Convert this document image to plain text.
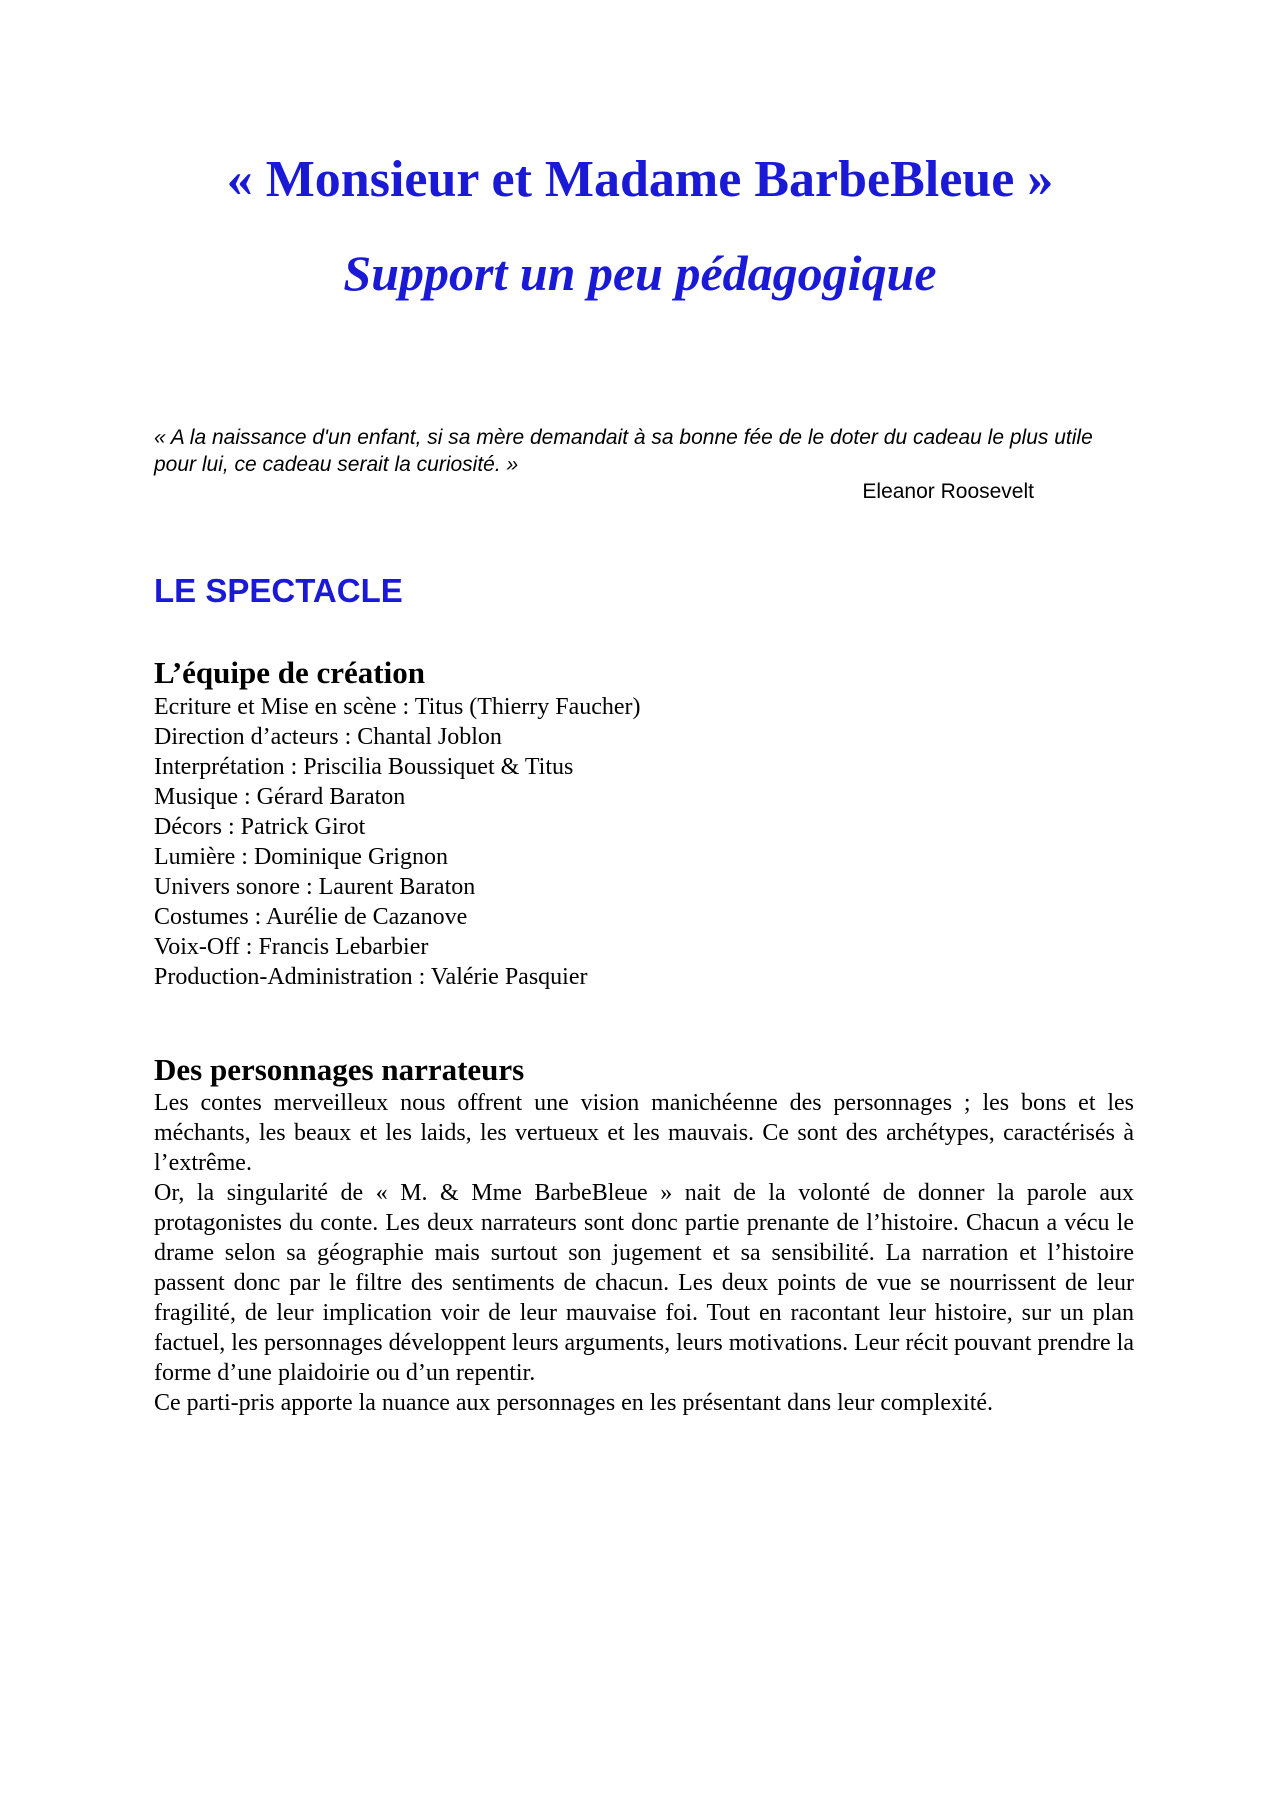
« Monsieur et Madame BarbeBleue »
Support un peu pédagogique

« A la naissance d'un enfant, si sa mère demandait à sa bonne fée de le doter du cadeau le plus utile pour lui, ce cadeau serait la curiosité. »

Eleanor Roosevelt

LE SPECTACLE
L’équipe de création
Ecriture et Mise en scène : Titus (Thierry Faucher)
Direction d’acteurs : Chantal Joblon
Interprétation : Priscilia Boussiquet & Titus
Musique : Gérard Baraton
Décors : Patrick Girot
Lumière : Dominique Grignon
Univers sonore : Laurent Baraton
Costumes : Aurélie de Cazanove
Voix-Off : Francis Lebarbier
Production-Administration : Valérie Pasquier
Des personnages narrateurs

Les contes merveilleux nous offrent une vision manichéenne des personnages ; les bons et les méchants, les beaux et les laids, les vertueux et les mauvais. Ce sont des archétypes, caractérisés à l’extrême.

Or, la singularité de « M. & Mme BarbeBleue » nait de la volonté de donner la parole aux protagonistes du conte. Les deux narrateurs sont donc partie prenante de l’histoire. Chacun a vécu le drame selon sa géographie mais surtout son jugement et sa sensibilité. La narration et l’histoire passent donc par le filtre des sentiments de chacun. Les deux points de vue se nourrissent de leur fragilité, de leur implication voir de leur mauvaise foi. Tout en racontant leur histoire, sur un plan factuel, les personnages développent leurs arguments, leurs motivations. Leur récit pouvant prendre la forme d’une plaidoirie ou d’un repentir.

Ce parti-pris apporte la nuance aux personnages en les présentant dans leur complexité.
